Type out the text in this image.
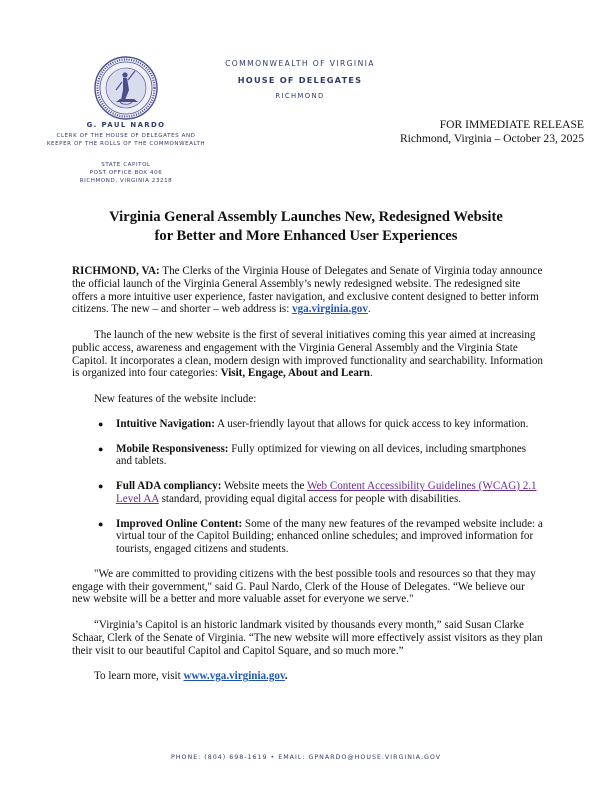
COMMONWEALTH OF VIRGINIA
HOUSE OF DELEGATES
RICHMOND
G. PAUL NARDO
CLERK OF THE HOUSE OF DELEGATES AND
KEEPER OF THE ROLLS OF THE COMMONWEALTH
STATE CAPITOL
POST OFFICE BOX 406
RICHMOND, VIRGINIA 23218
FOR IMMEDIATE RELEASE
Richmond, Virginia – October 23, 2025
Virginia General Assembly Launches New, Redesigned Website
for Better and More Enhanced User Experiences

RICHMOND, VA: The Clerks of the Virginia House of Delegates and Senate of Virginia today announce the official launch of the Virginia General Assembly’s newly redesigned website. The redesigned site offers a more intuitive user experience, faster navigation, and exclusive content designed to better inform citizens. The new – and shorter – web address is: vga.virginia.gov.

The launch of the new website is the first of several initiatives coming this year aimed at increasing public access, awareness and engagement with the Virginia General Assembly and the Virginia State Capitol. It incorporates a clean, modern design with improved functionality and searchability. Information is organized into four categories: Visit, Engage, About and Learn.

New features of the website include:

● Intuitive Navigation: A user-friendly layout that allows for quick access to key information.
● Mobile Responsiveness: Fully optimized for viewing on all devices, including smartphones and tablets.
● Full ADA compliancy: Website meets the Web Content Accessibility Guidelines (WCAG) 2.1 Level AA standard, providing equal digital access for people with disabilities.
● Improved Online Content: Some of the many new features of the revamped website include: a virtual tour of the Capitol Building; enhanced online schedules; and improved information for tourists, engaged citizens and students.

"We are committed to providing citizens with the best possible tools and resources so that they may engage with their government," said G. Paul Nardo, Clerk of the House of Delegates. “We believe our new website will be a better and more valuable asset for everyone we serve."

“Virginia’s Capitol is an historic landmark visited by thousands every month,” said Susan Clarke Schaar, Clerk of the Senate of Virginia. “The new website will more effectively assist visitors as they plan their visit to our beautiful Capitol and Capitol Square, and so much more.”

To learn more, visit www.vga.virginia.gov.

PHONE: (804) 698-1619 • EMAIL: GPNARDO@HOUSE.VIRGINIA.GOV
